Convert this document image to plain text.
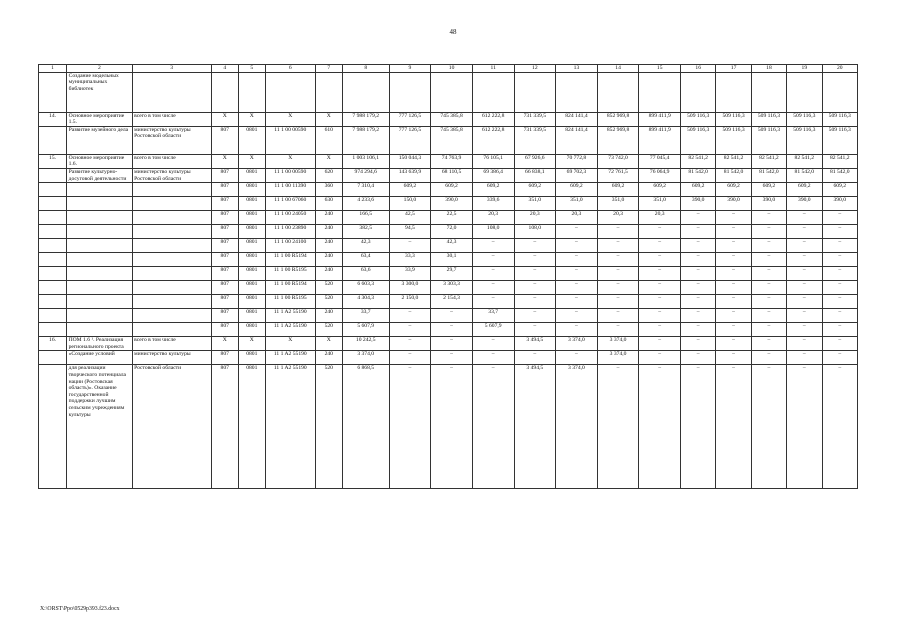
48
1	2	3	4	5	6	7	8	9	10	11	12	13	14	15	16	17	18	19	20
	Создание модельных муниципальных библиотек																		
14.	Основное мероприятие 1.5.	всего в том числе	X	X	X	X	7 988 179,2	777 126,5	745 385,8	612 222,8	731 339,5	824 141,4	852 969,8	899 411,9	509 116,3	509 116,3	509 116,3	509 116,3	509 116,3
	Развитие музейного дела	министерство культуры Ростовской области	807	0801	11 1 00 00590	610	7 988 179,2	777 126,5	745 385,8	612 222,8	731 339,5	824 141,4	852 969,8	899 411,9	509 116,3	509 116,3	509 116,3	509 116,3	509 116,3
15.	Основное мероприятие 1.6.	всего в том числе	X	X	X	X	1 003 106,1	150 044,3	74 763,9	76 105,1	67 926,6	70 772,8	73 742,0	77 045,4	82 541,2	82 541,2	82 541,2	82 541,2	82 541,2
	Развитие культурно-досуговой деятельности	министерство культуры Ростовской области	807	0801	11 1 00 00590	620	974 294,6	143 639,9	68 110,5	69 386,4	66 838,1	69 702,3	72 761,5	76 064,9	81 542,0	81 542,0	81 542,0	81 542,0	81 542,0
			807	0801	11 1 00 11390	360	7 310,4	609,2	609,2	609,2	609,2	609,2	609,2	609,2	609,2	609,2	609,2	609,2	609,2
			807	0801	11 1 00 67060	630	4 233,6	150,0	390,0	339,6	351,0	351,0	351,0	351,0	390,0	390,0	390,0	390,0	390,0
			807	0801	11 1 00 24050	240	166,5	42,5	22,5	20,3	20,3	20,3	20,3	20,3	–	–	–	–	–
			807	0801	11 1 00 23890	240	382,5	94,5	72,0	108,0	108,0	–	–	–	–	–	–	–	–
			807	0801	11 1 00 24100	240	42,3	–	42,3	–	–	–	–	–	–	–	–	–	–
			807	0801	11 1 00 R5194	240	63,4	33,3	30,1	–	–	–	–	–	–	–	–	–	–
			807	0801	11 1 00 R5195	240	63,6	33,9	29,7	–	–	–	–	–	–	–	–	–	–
			807	0801	11 1 00 R5194	520	6 603,3	3 300,0	3 303,3	–	–	–	–	–	–	–	–	–	–
			807	0801	11 1 00 R5195	520	4 304,3	2 150,0	2 154,3	–	–	–	–	–	–	–	–	–	–
			807	0801	11 1 A2 55190	240	33,7	–	–	33,7	–	–	–	–	–	–	–	–	–
			807	0801	11 1 A2 55190	520	5 607,9	–	–	5 607,9	–	–	–	–	–	–	–	–	–
16.	ПОМ 1.6 ¹. Реализация регионального проекта	всего в том числе	X	X	X	X	10 242,5	–	–	–	3 494,5	3 374,0	3 374,0	–	–	–	–	–	–
	«Создание условий	министерство культуры	807	0801	11 1 A2 55190	240	3 374,0	–	–	–	–	–	3 374,0	–	–	–	–	–	–
	для реализации творческого потенциала нации (Ростовская область)». Оказание государственной поддержки лучшим сельским учреждениям культуры	Ростовской области	807	0801	11 1 A2 55190	520	6 868,5	–	–	–	3 494,5	3 374,0	–	–	–	–	–	–	–
X:\ORST\Ppo\0529p393.f23.docx
